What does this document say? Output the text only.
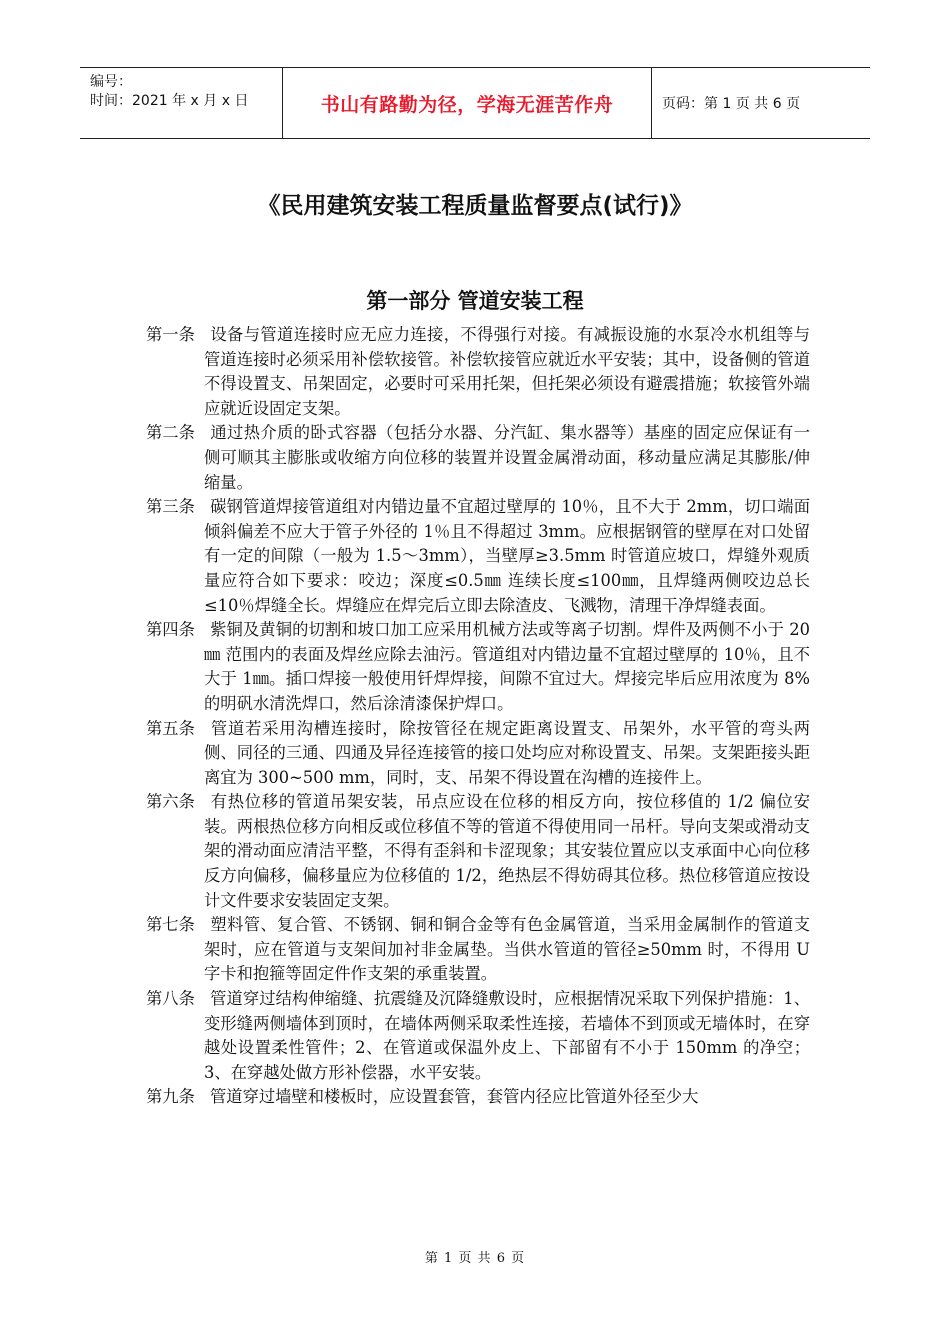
编号：
时间：2021 年 x 月 x 日	书山有路勤为径，学海无涯苦作舟	页码：第 1 页 共 6 页
《民用建筑安装工程质量监督要点(试行)》
第一部分 管道安装工程

第一条 设备与管道连接时应无应力连接，不得强行对接。有减振设施的水泵冷水机组等与管道连接时必须采用补偿软接管。补偿软接管应就近水平安装；其中，设备侧的管道不得设置支、吊架固定，必要时可采用托架，但托架必须设有避震措施；软接管外端应就近设固定支架。

第二条 通过热介质的卧式容器（包括分水器、分汽缸、集水器等）基座的固定应保证有一侧可顺其主膨胀或收缩方向位移的装置并设置金属滑动面，移动量应满足其膨胀/伸缩量。

第三条 碳钢管道焊接管道组对内错边量不宜超过壁厚的 10％，且不大于 2mm，切口端面倾斜偏差不应大于管子外径的 1％且不得超过 3mm。应根据钢管的壁厚在对口处留有一定的间隙（一般为 1.5～3mm），当壁厚≥3.5mm 时管道应坡口，焊缝外观质量应符合如下要求：咬边；深度≤0.5㎜ 连续长度≤100㎜，且焊缝两侧咬边总长≤10％焊缝全长。焊缝应在焊完后立即去除渣皮、飞溅物，清理干净焊缝表面。

第四条 紫铜及黄铜的切割和坡口加工应采用机械方法或等离子切割。焊件及两侧不小于 20㎜ 范围内的表面及焊丝应除去油污。管道组对内错边量不宜超过壁厚的 10％，且不大于 1㎜。插口焊接一般使用钎焊焊接，间隙不宜过大。焊接完毕后应用浓度为 8%的明矾水清洗焊口，然后涂清漆保护焊口。

第五条 管道若采用沟槽连接时，除按管径在规定距离设置支、吊架外，水平管的弯头两侧、同径的三通、四通及异径连接管的接口处均应对称设置支、吊架。支架距接头距离宜为 300~500 mm，同时，支、吊架不得设置在沟槽的连接件上。

第六条 有热位移的管道吊架安装，吊点应设在位移的相反方向，按位移值的 1/2 偏位安装。两根热位移方向相反或位移值不等的管道不得使用同一吊杆。导向支架或滑动支架的滑动面应清洁平整，不得有歪斜和卡涩现象；其安装位置应以支承面中心向位移反方向偏移，偏移量应为位移值的 1/2，绝热层不得妨碍其位移。热位移管道应按设计文件要求安装固定支架。

第七条 塑料管、复合管、不锈钢、铜和铜合金等有色金属管道，当采用金属制作的管道支架时，应在管道与支架间加衬非金属垫。当供水管道的管径≥50mm 时，不得用 U 字卡和抱箍等固定件作支架的承重装置。

第八条 管道穿过结构伸缩缝、抗震缝及沉降缝敷设时，应根据情况采取下列保护措施：1、变形缝两侧墙体到顶时，在墙体两侧采取柔性连接，若墙体不到顶或无墙体时，在穿越处设置柔性管件；2、在管道或保温外皮上、下部留有不小于 150mm 的净空；3、在穿越处做方形补偿器，水平安装。

第九条 管道穿过墙壁和楼板时，应设置套管，套管内径应比管道外径至少大

第 1 页 共 6 页
